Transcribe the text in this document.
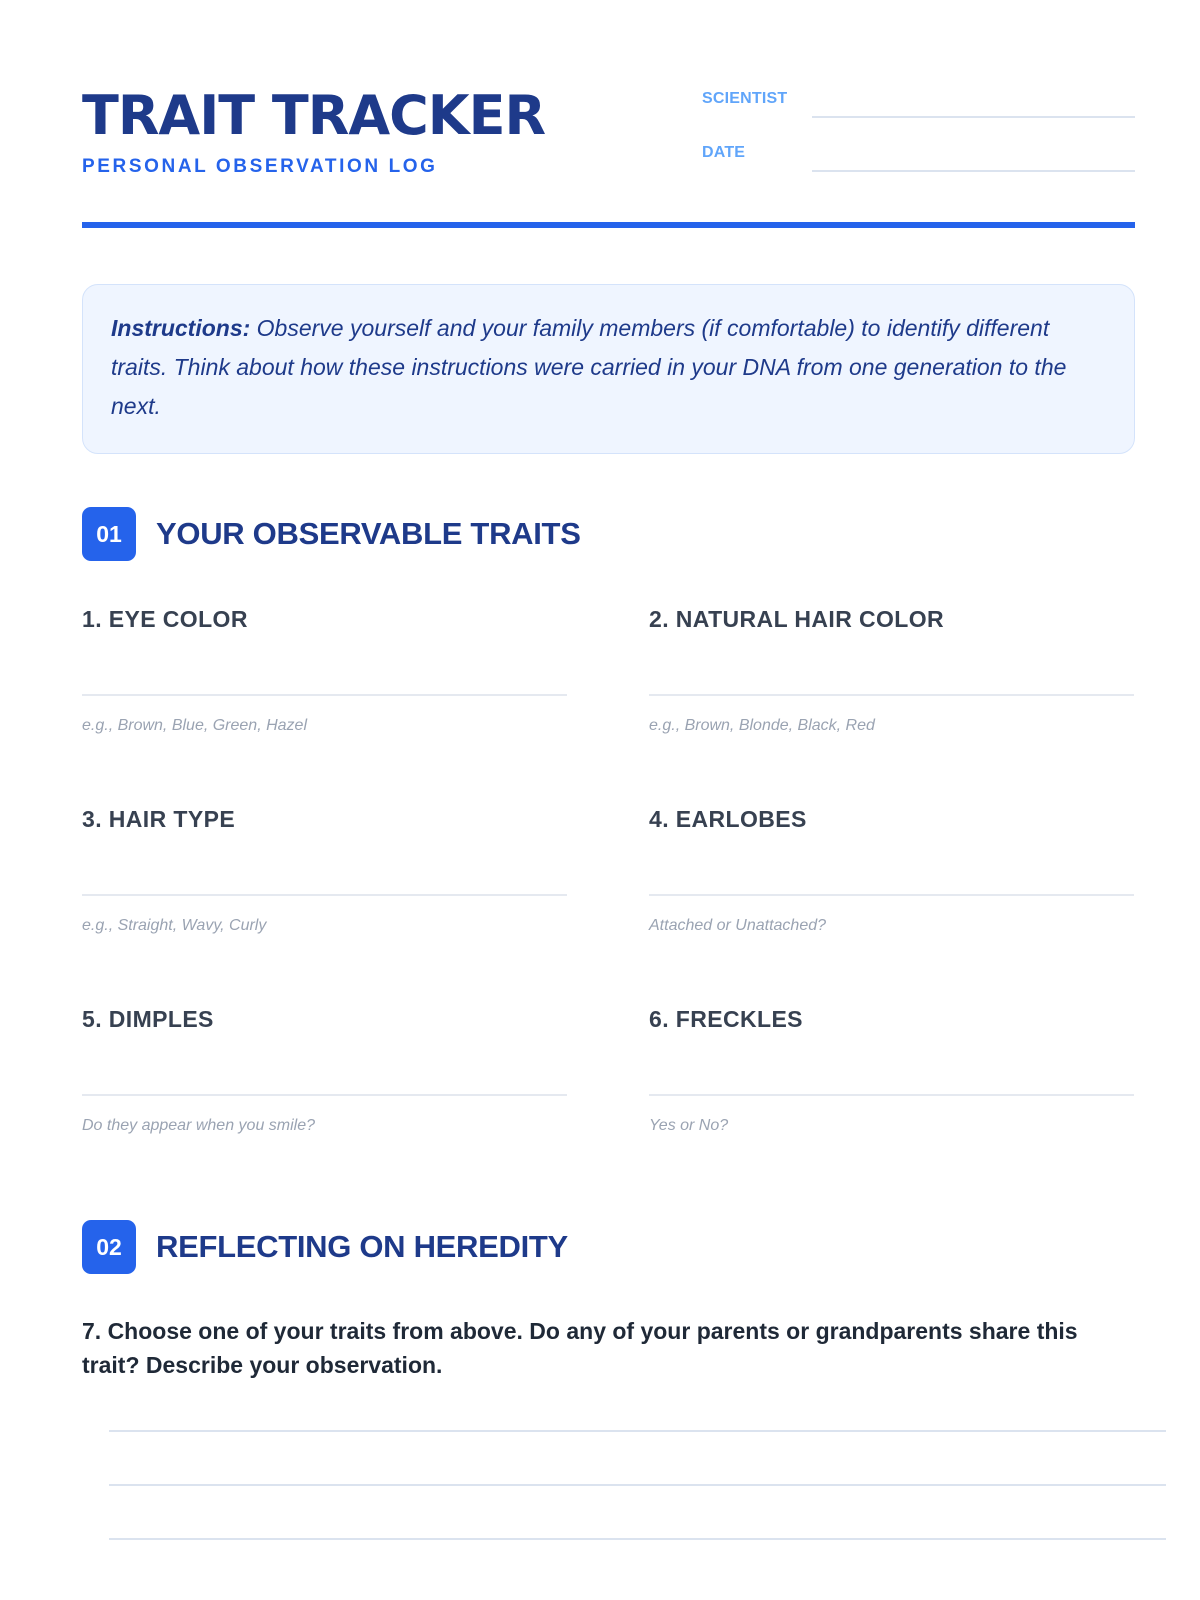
TRAIT TRACKER
PERSONAL OBSERVATION LOG
SCIENTIST
DATE
Instructions: Observe yourself and your family members (if comfortable) to identify different traits. Think about how these instructions were carried in your DNA from one generation to the next.
01	YOUR OBSERVABLE TRAITS
1. EYE COLOR
e.g., Brown, Blue, Green, Hazel
2. NATURAL HAIR COLOR
e.g., Brown, Blonde, Black, Red
3. HAIR TYPE
e.g., Straight, Wavy, Curly
4. EARLOBES
Attached or Unattached?
5. DIMPLES
Do they appear when you smile?
6. FRECKLES
Yes or No?
02	REFLECTING ON HEREDITY
7. Choose one of your traits from above. Do any of your parents or grandparents share this trait? Describe your observation.
